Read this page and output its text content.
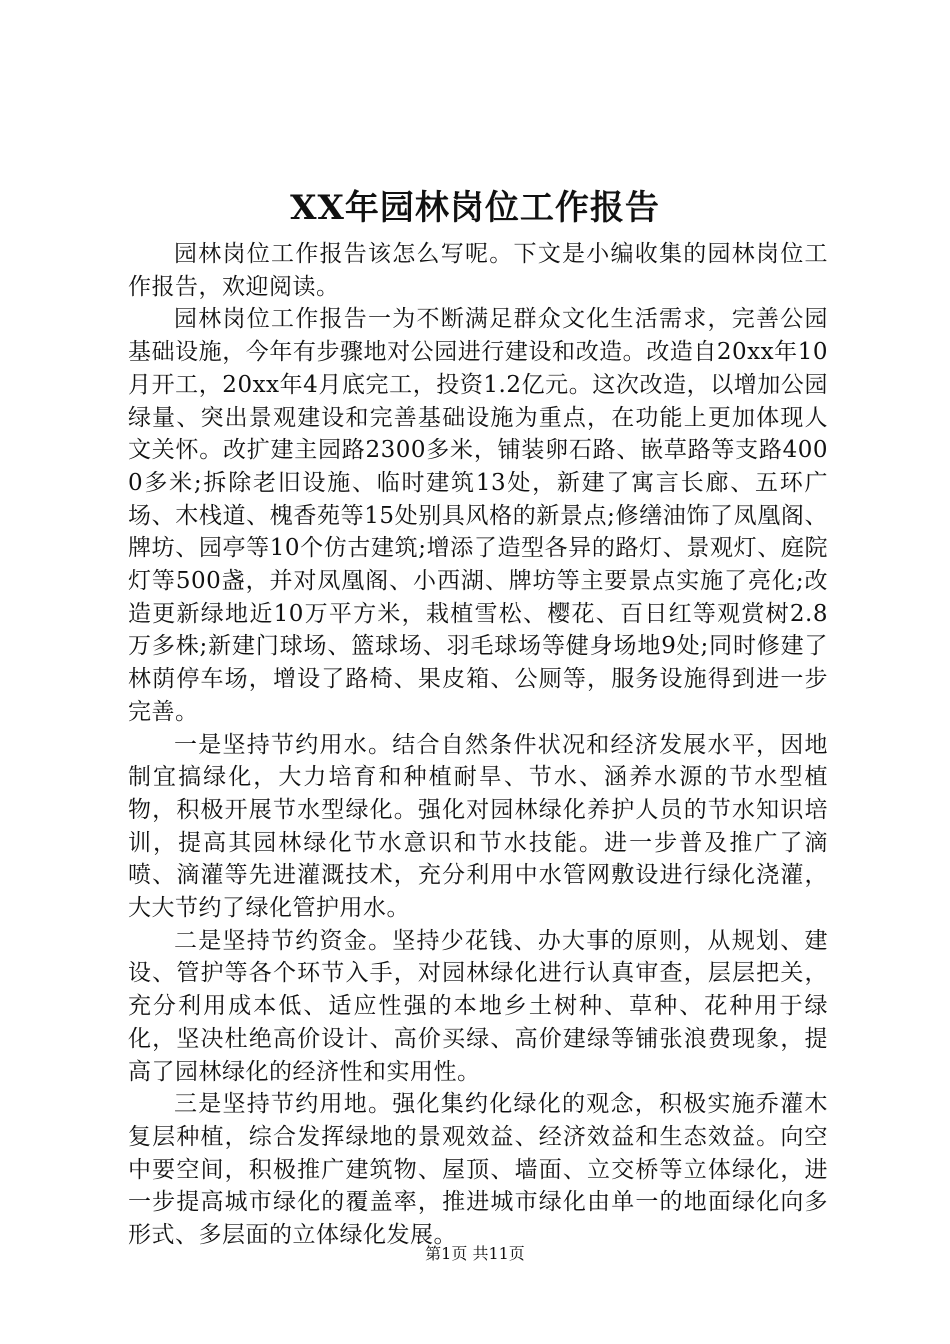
XX年园林岗位工作报告

园林岗位工作报告该怎么写呢。下文是小编收集的园林岗位工作报告，欢迎阅读。

园林岗位工作报告一为不断满足群众文化生活需求，完善公园基础设施，今年有步骤地对公园进行建设和改造。改造自20xx年10月开工，20xx年4月底完工，投资1.2亿元。这次改造，以增加公园绿量、突出景观建设和完善基础设施为重点，在功能上更加体现人文关怀。改扩建主园路2300多米，铺装卵石路、嵌草路等支路4000多米;拆除老旧设施、临时建筑13处，新建了寓言长廊、五环广场、木栈道、槐香苑等15处别具风格的新景点;修缮油饰了凤凰阁、牌坊、园亭等10个仿古建筑;增添了造型各异的路灯、景观灯、庭院灯等500盏，并对凤凰阁、小西湖、牌坊等主要景点实施了亮化;改造更新绿地近10万平方米，栽植雪松、樱花、百日红等观赏树2.8万多株;新建门球场、篮球场、羽毛球场等健身场地9处;同时修建了林荫停车场，增设了路椅、果皮箱、公厕等，服务设施得到进一步完善。

一是坚持节约用水。结合自然条件状况和经济发展水平，因地制宜搞绿化，大力培育和种植耐旱、节水、涵养水源的节水型植物，积极开展节水型绿化。强化对园林绿化养护人员的节水知识培训，提高其园林绿化节水意识和节水技能。进一步普及推广了滴喷、滴灌等先进灌溉技术，充分利用中水管网敷设进行绿化浇灌，大大节约了绿化管护用水。

二是坚持节约资金。坚持少花钱、办大事的原则，从规划、建设、管护等各个环节入手，对园林绿化进行认真审查，层层把关，充分利用成本低、适应性强的本地乡土树种、草种、花种用于绿化，坚决杜绝高价设计、高价买绿、高价建绿等铺张浪费现象，提高了园林绿化的经济性和实用性。

三是坚持节约用地。强化集约化绿化的观念，积极实施乔灌木复层种植，综合发挥绿地的景观效益、经济效益和生态效益。向空中要空间，积极推广建筑物、屋顶、墙面、立交桥等立体绿化，进一步提高城市绿化的覆盖率，推进城市绿化由单一的地面绿化向多形式、多层面的立体绿化发展。

第1页 共11页
